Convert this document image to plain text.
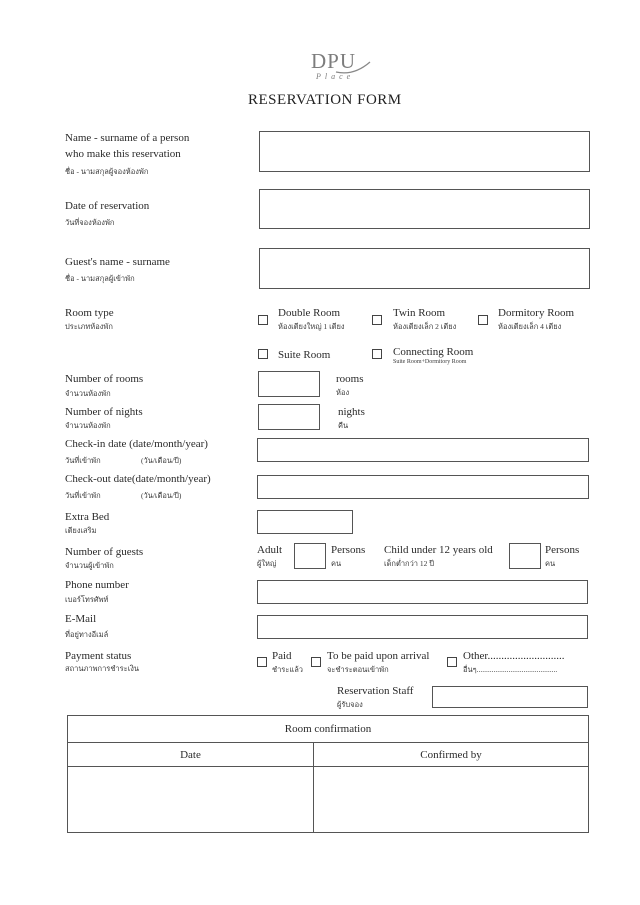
DPU
Place
RESERVATION FORM
Name - surname of a person
who make this reservation
ชื่อ - นามสกุลผู้จองห้องพัก
Date of reservation
วันที่จองห้องพัก
Guest's name - surname
ชื่อ - นามสกุลผู้เข้าพัก
Room type
ประเภทห้องพัก
Double Room
ห้องเตียงใหญ่ 1 เตียง
Twin Room
ห้องเตียงเล็ก 2 เตียง
Dormitory Room
ห้องเตียงเล็ก 4 เตียง
Suite Room	Connecting Room
Suite Room+Dormitory Room
Number of rooms
จำนวนห้องพัก
rooms
ห้อง
Number of nights
จำนวนห้องพัก
nights
คืน
Check-in date (date/month/year)
วันที่เข้าพัก	(วัน/เดือน/ปี)
Check-out date(date/month/year)
วันที่เข้าพัก	(วัน/เดือน/ปี)
Extra Bed
เตียงเสริม
Number of guests
จำนวนผู้เข้าพัก
Adult
ผู้ใหญ่
Persons
คน
Child under 12 years old
เด็กต่ำกว่า 12 ปี
Persons
คน
Phone number
เบอร์โทรศัพท์
E-Mail
ที่อยู่ทางอีเมล์
Payment status
สถานภาพการชำระเงิน
Paid
ชำระแล้ว
To be paid upon arrival
จะชำระตอนเข้าพัก
Other............................
อื่นๆ...........................................
Reservation Staff
ผู้รับจอง
Room confirmation	
Date	Confirmed by
